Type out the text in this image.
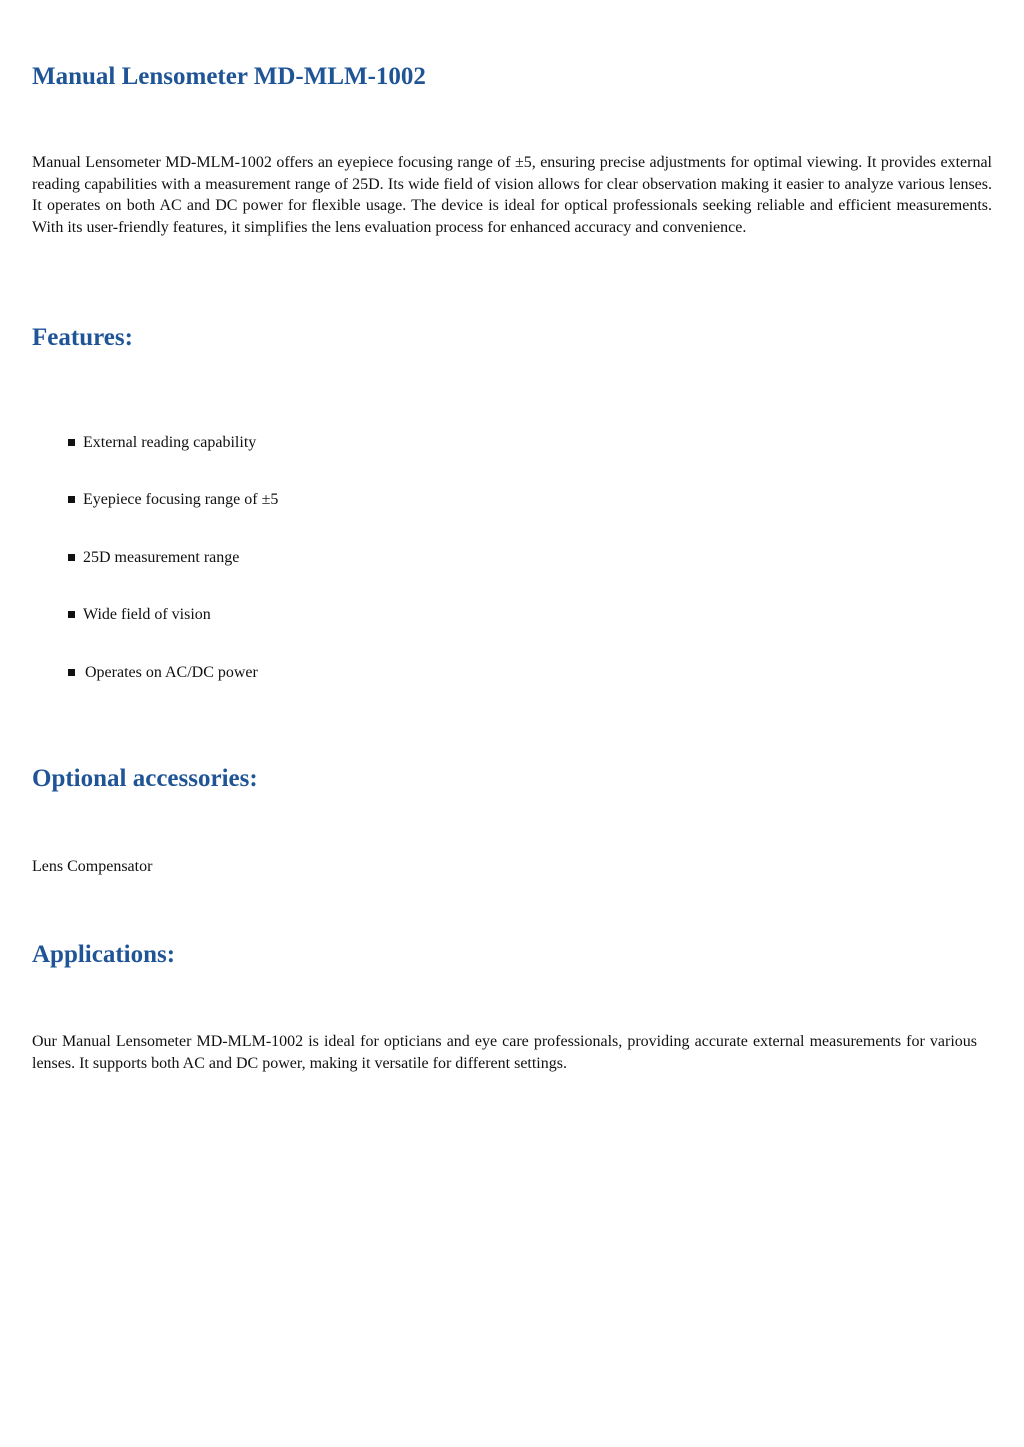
Manual Lensometer MD-MLM-1002

Manual Lensometer MD-MLM-1002 offers an eyepiece focusing range of ±5, ensuring precise adjustments for optimal viewing. It provides external reading capabilities with a measurement range of 25D. Its wide field of vision allows for clear observation making it easier to analyze various lenses. It operates on both AC and DC power for flexible usage. The device is ideal for optical professionals seeking reliable and efficient measurements. With its user-friendly features, it simplifies the lens evaluation process for enhanced accuracy and convenience.

Features:
External reading capability
Eyepiece focusing range of ±5
25D measurement range
Wide field of vision
Operates on AC/DC power
Optional accessories:

Lens Compensator

Applications:

Our Manual Lensometer MD-MLM-1002 is ideal for opticians and eye care professionals, providing accurate external measurements for various lenses. It supports both AC and DC power, making it versatile for different settings.
